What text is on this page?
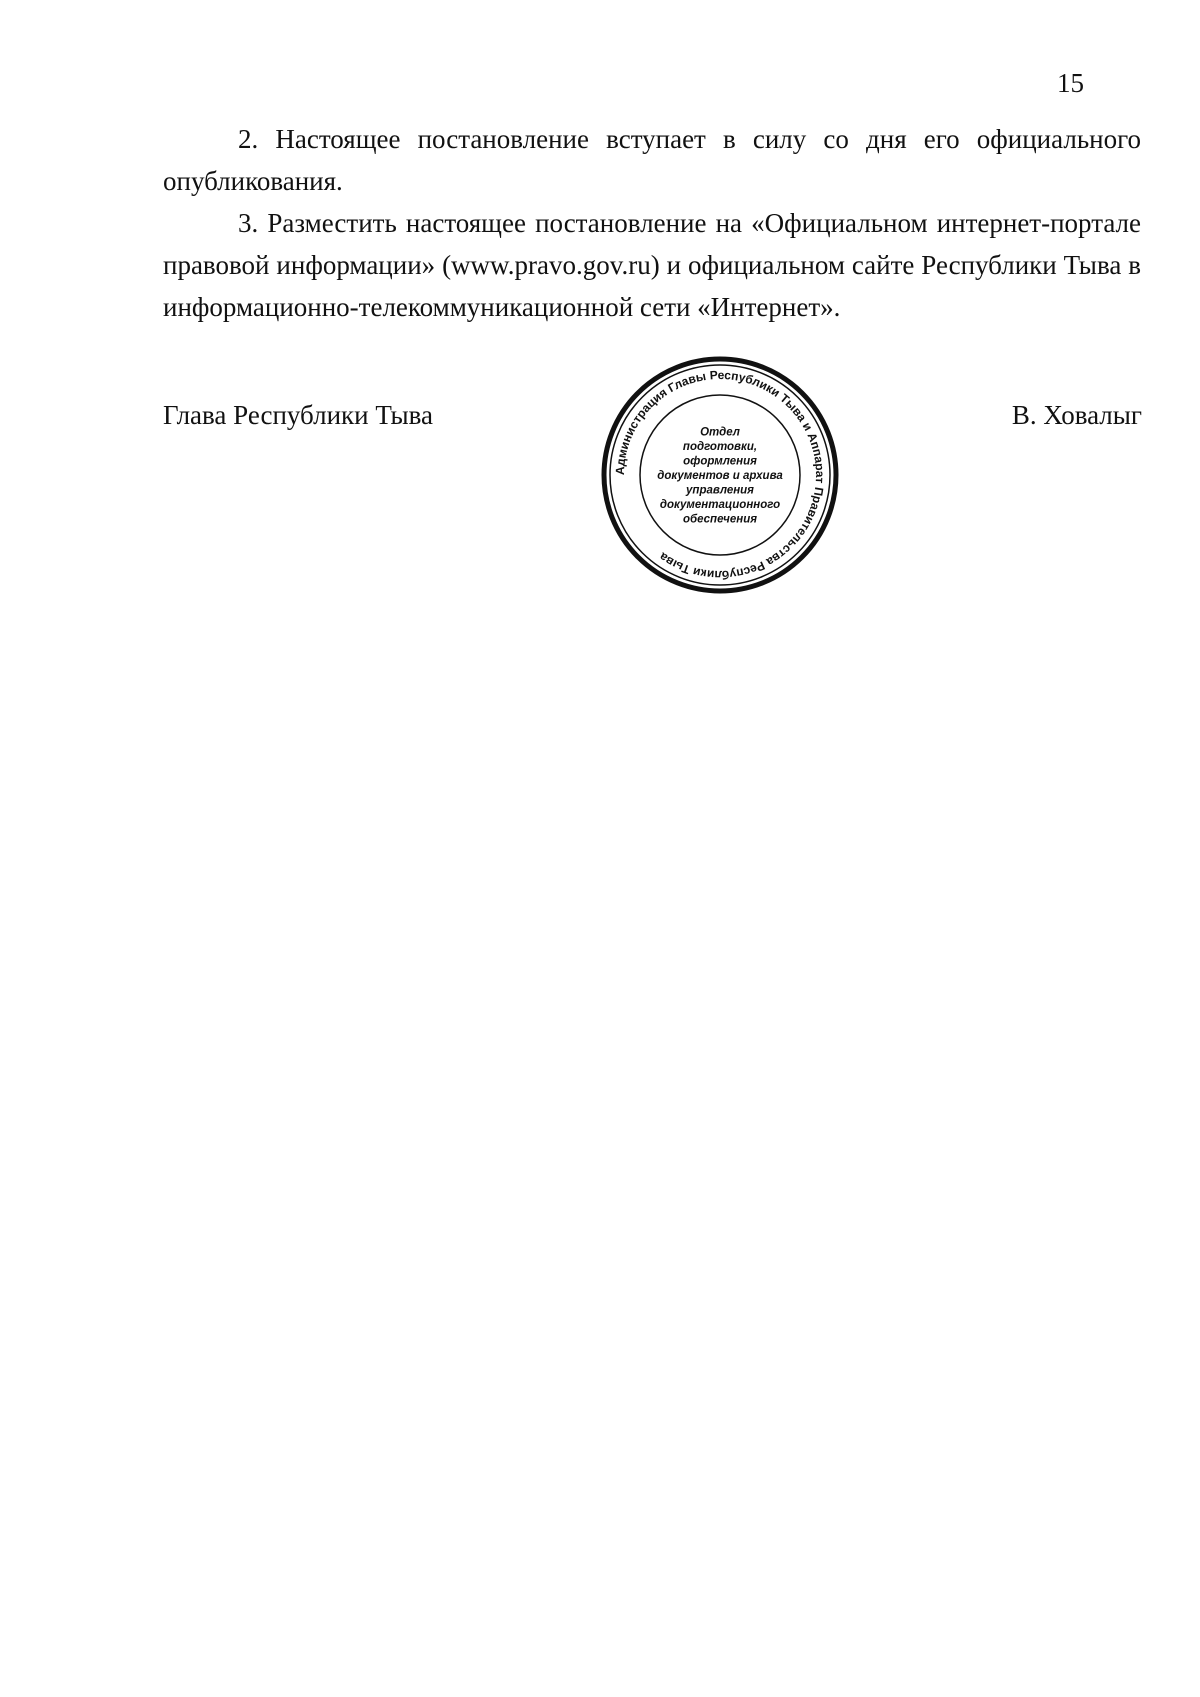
15

2. Настоящее постановление вступает в силу со дня его официального опубликования.

3. Разместить настоящее постановление на «Официальном интернет-портале правовой информации» (www.pravo.gov.ru) и официальном сайте Республики Тыва в информационно-телекоммуникационной сети «Интернет».

Глава Республики Тыва
Администрация Главы Республики Тыва и Аппарат Правительства Республики Тыва
Отдел
подготовки,
оформления
документов и архива
управления
документационного
обеспечения
В. Ховалыг
